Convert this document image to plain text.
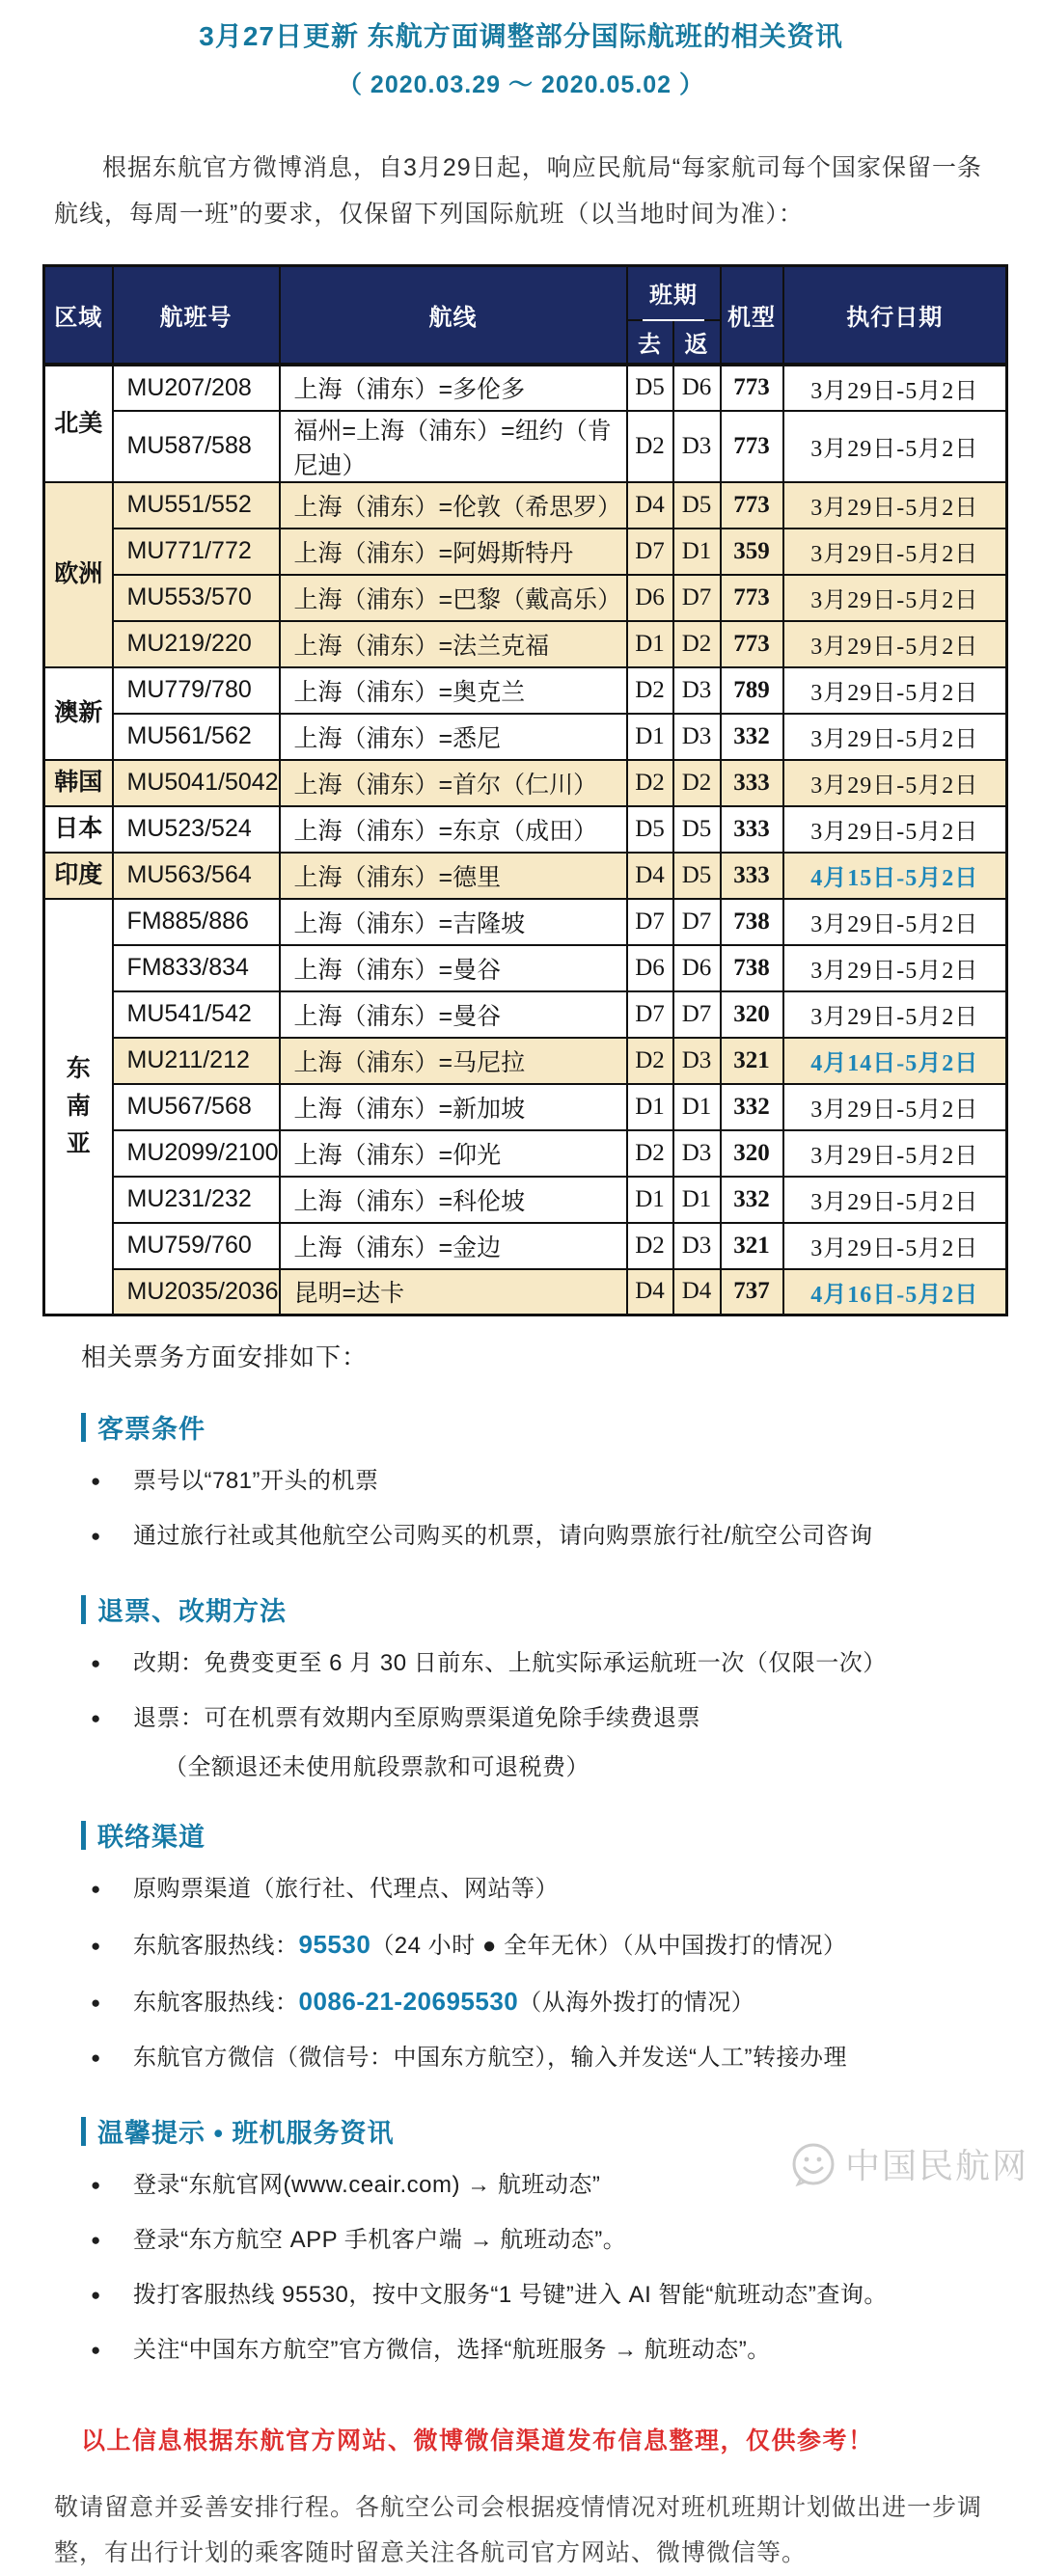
3月27日更新 东航方面调整部分国际航班的相关资讯
（ 2020.03.29 ～ 2020.05.02 ）
根据东航官方微博消息，自3月29日起，响应民航局“每家航司每个国家保留一条航线，每周一班”的要求，仅保留下列国际航班（以当地时间为准）：
区域	航班号	航线	班期		机型	执行日期
			去	返		
北美	MU207/208	上海（浦东）=多伦多	D5	D6	773	3月29日-5月2日
	MU587/588	福州=上海（浦东）=纽约（肯尼迪）	D2	D3	773	3月29日-5月2日
欧洲	MU551/552	上海（浦东）=伦敦（希思罗）	D4	D5	773	3月29日-5月2日
	MU771/772	上海（浦东）=阿姆斯特丹	D7	D1	359	3月29日-5月2日
	MU553/570	上海（浦东）=巴黎（戴高乐）	D6	D7	773	3月29日-5月2日
	MU219/220	上海（浦东）=法兰克福	D1	D2	773	3月29日-5月2日
澳新	MU779/780	上海（浦东）=奥克兰	D2	D3	789	3月29日-5月2日
	MU561/562	上海（浦东）=悉尼	D1	D3	332	3月29日-5月2日
韩国	MU5041/5042	上海（浦东）=首尔（仁川）	D2	D2	333	3月29日-5月2日
日本	MU523/524	上海（浦东）=东京（成田）	D5	D5	333	3月29日-5月2日
印度	MU563/564	上海（浦东）=德里	D4	D5	333	4月15日-5月2日
东
南
亚	FM885/886	上海（浦东）=吉隆坡	D7	D7	738	3月29日-5月2日
	FM833/834	上海（浦东）=曼谷	D6	D6	738	3月29日-5月2日
	MU541/542	上海（浦东）=曼谷	D7	D7	320	3月29日-5月2日
	MU211/212	上海（浦东）=马尼拉	D2	D3	321	4月14日-5月2日
	MU567/568	上海（浦东）=新加坡	D1	D1	332	3月29日-5月2日
	MU2099/2100	上海（浦东）=仰光	D2	D3	320	3月29日-5月2日
	MU231/232	上海（浦东）=科伦坡	D1	D1	332	3月29日-5月2日
	MU759/760	上海（浦东）=金边	D2	D3	321	3月29日-5月2日
	MU2035/2036	昆明=达卡	D4	D4	737	4月16日-5月2日
相关票务方面安排如下：
客票条件
●	票号以“781”开头的机票
●	通过旅行社或其他航空公司购买的机票，请向购票旅行社/航空公司咨询
退票、改期方法
●	改期：免费变更至 6 月 30 日前东、上航实际承运航班一次（仅限一次）
●	退票：可在机票有效期内至原购票渠道免除手续费退票
（全额退还未使用航段票款和可退税费）
联络渠道
●	原购票渠道（旅行社、代理点、网站等）
●	东航客服热线：95530（24 小时 ● 全年无休）（从中国拨打的情况）
●	东航客服热线：0086-21-20695530（从海外拨打的情况）
●	东航官方微信（微信号：中国东方航空），输入并发送“人工”转接办理
温馨提示 • 班机服务资讯
●	登录“东航官网(www.ceair.com) → 航班动态”
●	登录“东方航空 APP 手机客户端 → 航班动态”。
●	拨打客服热线 95530，按中文服务“1 号键”进入 AI 智能“航班动态”查询。
●	关注“中国东方航空”官方微信，选择“航班服务 → 航班动态”。
以上信息根据东航官方网站、微博微信渠道发布信息整理，仅供参考！
敬请留意并妥善安排行程。各航空公司会根据疫情情况对班机班期计划做出进一步调整，有出行计划的乘客随时留意关注各航司官方网站、微博微信等。
中国民航网
